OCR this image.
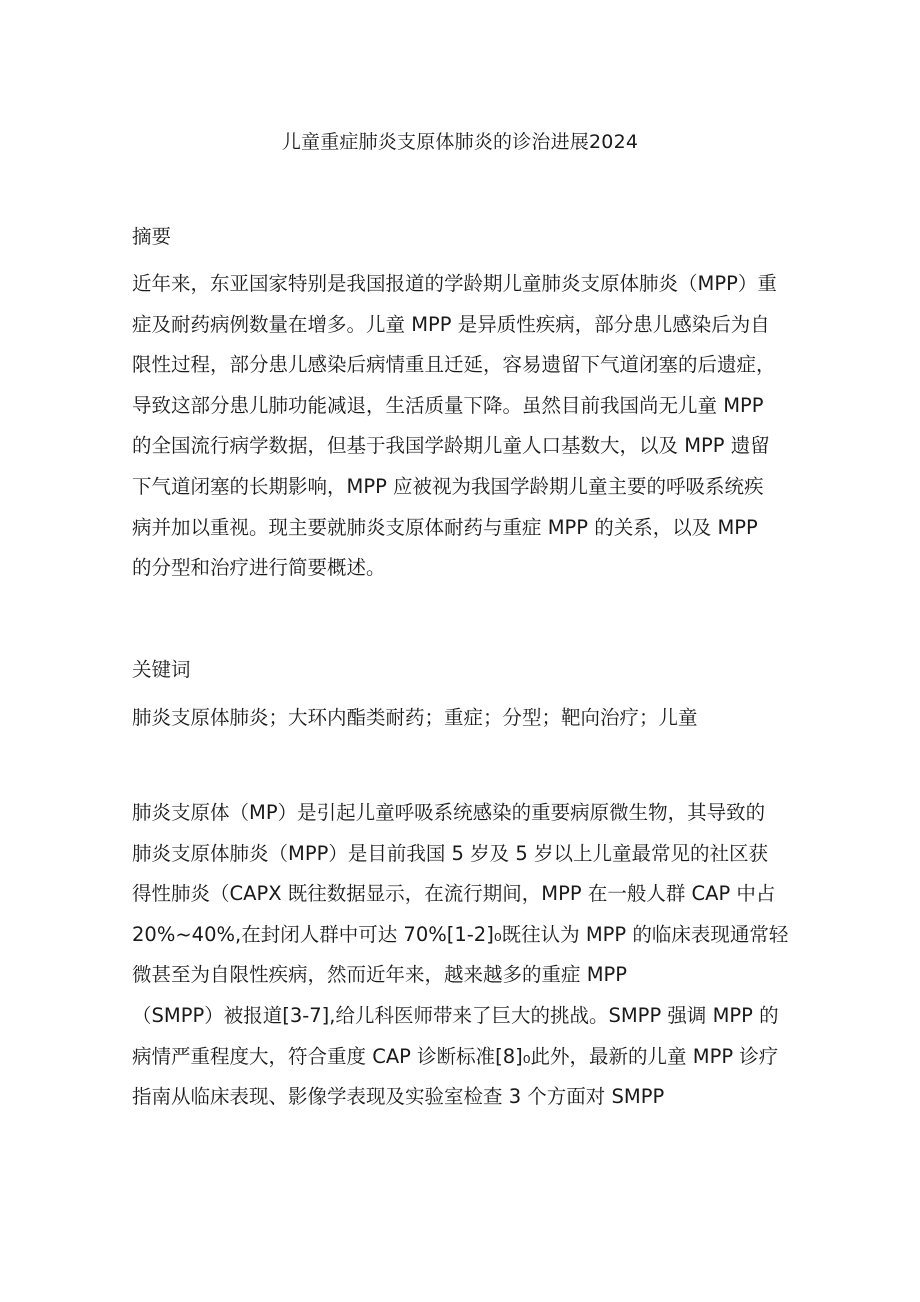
儿童重症肺炎支原体肺炎的诊治进展2024
摘要
近年来，东亚国家特别是我国报道的学龄期儿童肺炎支原体肺炎（MPP）重
症及耐药病例数量在增多。儿童 MPP 是异质性疾病，部分患儿感染后为自
限性过程，部分患儿感染后病情重且迁延，容易遗留下气道闭塞的后遗症，
导致这部分患儿肺功能减退，生活质量下降。虽然目前我国尚无儿童 MPP
的全国流行病学数据，但基于我国学龄期儿童人口基数大，以及 MPP 遗留
下气道闭塞的长期影响，MPP 应被视为我国学龄期儿童主要的呼吸系统疾
病并加以重视。现主要就肺炎支原体耐药与重症 MPP 的关系，以及 MPP
的分型和治疗进行简要概述。
关键词
肺炎支原体肺炎；大环内酯类耐药；重症；分型；靶向治疗；儿童
肺炎支原体（MP）是引起儿童呼吸系统感染的重要病原微生物，其导致的
肺炎支原体肺炎（MPP）是目前我国 5 岁及 5 岁以上儿童最常见的社区获
得性肺炎（CAPX 既往数据显示，在流行期间，MPP 在一般人群 CAP 中占
20%~40%,在封闭人群中可达 70%[1-2]₀既往认为 MPP 的临床表现通常轻
微甚至为自限性疾病，然而近年来，越来越多的重症 MPP
（SMPP）被报道[3-7],给儿科医师带来了巨大的挑战。SMPP 强调 MPP 的
病情严重程度大，符合重度 CAP 诊断标准[8]₀此外，最新的儿童 MPP 诊疗
指南从临床表现、影像学表现及实验室检查 3 个方面对 SMPP
